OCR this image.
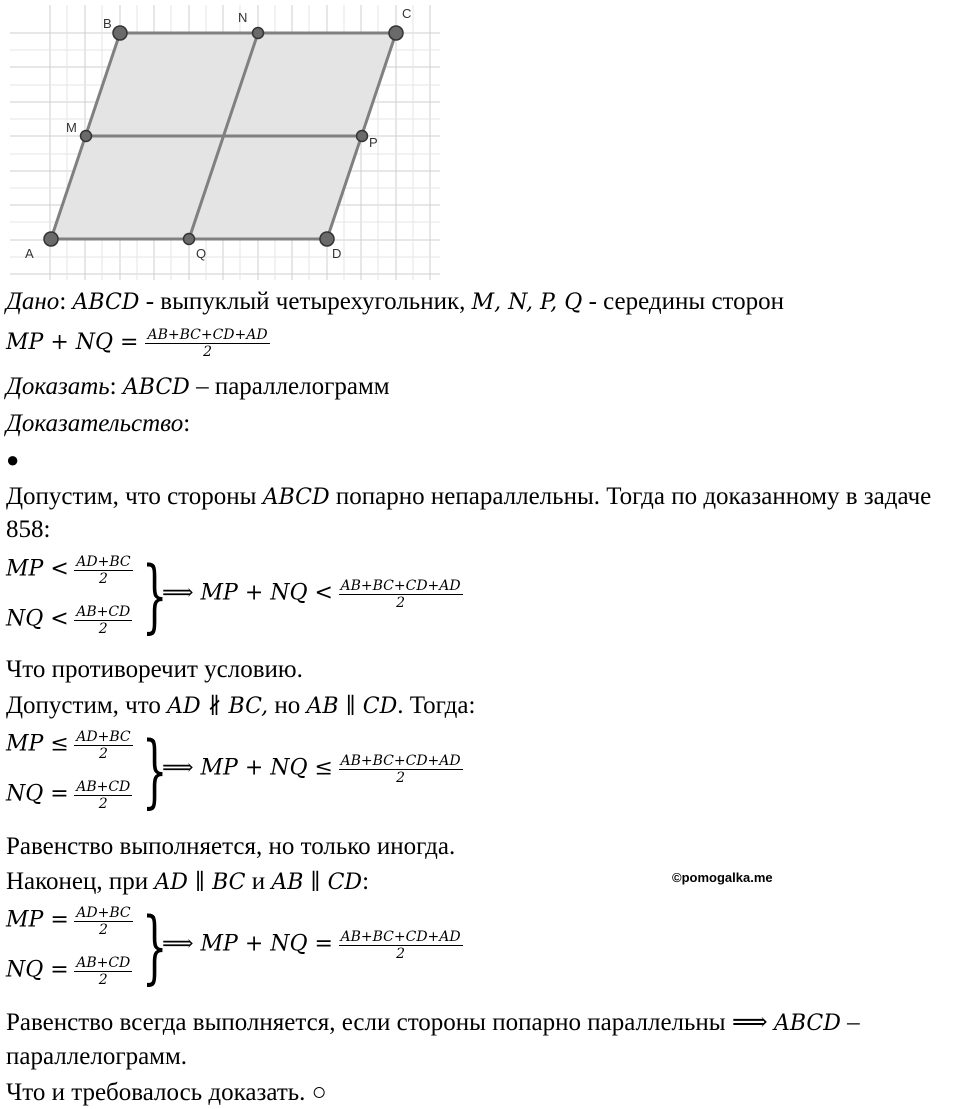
A
B
C
D
M
N
P
Q
Дано: ABCD - выпуклый четырехугольник, M, N, P, Q - середины сторон
MP + NQ = $\frac{AB+BC+CD+AD}{2}$
Доказать: ABCD – параллелограмм
Доказательство:
●
Допустим, что стороны ABCD попарно непараллельны. Тогда по доказанному в задаче
858:
MP < $\frac{AD+BC}{2}$
NQ < $\frac{AB+CD}{2}$ }
⟹ MP + NQ < $\frac{AB+BC+CD+AD}{2}$
Что противоречит условию.
Допустим, что AD ∦ BC, но AB ∥ CD. Тогда:
MP ≤ $\frac{AD+BC}{2}$
NQ = $\frac{AB+CD}{2}$ }
⟹ MP + NQ ≤ $\frac{AB+BC+CD+AD}{2}$
Равенство выполняется, но только иногда.
Наконец, при AD ∥ BC и AB ∥ CD:	©pomogalka.me
MP = $\frac{AD+BC}{2}$
NQ = $\frac{AB+CD}{2}$ }
⟹ MP + NQ = $\frac{AB+BC+CD+AD}{2}$
Равенство всегда выполняется, если стороны попарно параллельны ⟹ ABCD –
параллелограмм.
Что и требовалось доказать. ○
